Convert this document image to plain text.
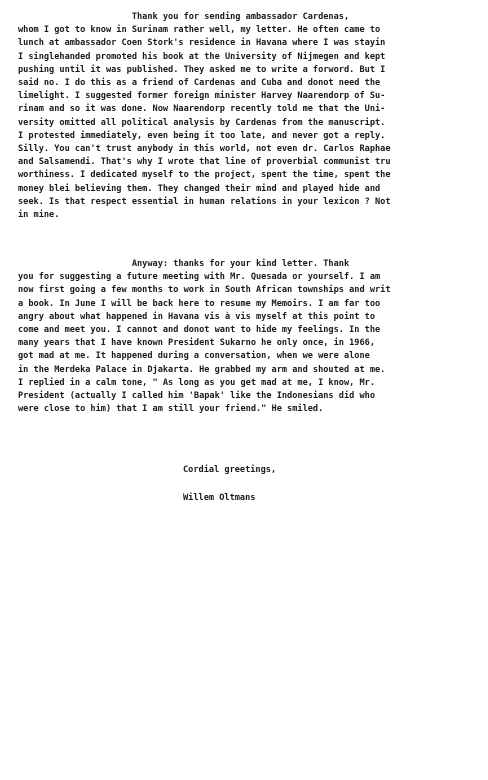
Thank you for sending ambassador Cardenas,
whom I got to know in Surinam rather well, my letter. He often came to
lunch at ambassador Coen Stork's residence in Havana where I was stayin
I singlehanded promoted his book at the University of Nijmegen and kept
pushing until it was published. They asked me to write a forword. But I
said no. I do this as a friend of Cardenas and Cuba and donot need the
limelight. I suggested former foreign minister Harvey Naarendorp of Su-
rinam and so it was done. Now Naarendorp recently told me that the Uni-
versity omitted all political analysis by Cardenas from the manuscript.
I protested immediately, even being it too late, and never got a reply.
Silly. You can't trust anybody in this world, not even dr. Carlos Raphae
and Salsamendi. That's why I wrote that line of proverbial communist tru
worthiness. I dedicated myself to the project, spent the time, spent the
money blei believing them. They changed their mind and played hide and
seek. Is that respect essential in human relations in your lexicon ? Not
in mine.
Anyway: thanks for your kind letter. Thank
you for suggesting a future meeting with Mr. Quesada or yourself. I am
now first going a few months to work in South African townships and writ
a book. In June I will be back here to resume my Memoirs. I am far too
angry about what happened in Havana vis à vis myself at this point to
come and meet you. I cannot and donot want to hide my feelings. In the
many years that I have known President Sukarno he only once, in 1966,
got mad at me. It happened during a conversation, when we were alone
in the Merdeka Palace in Djakarta. He grabbed my arm and shouted at me.
I replied in a calm tone, " As long as you get mad at me, I know, Mr.
President (actually I called him 'Bapak' like the Indonesians did who
were close to him) that I am still your friend." He smiled.

Cordial greetings,

Willem Oltmans
